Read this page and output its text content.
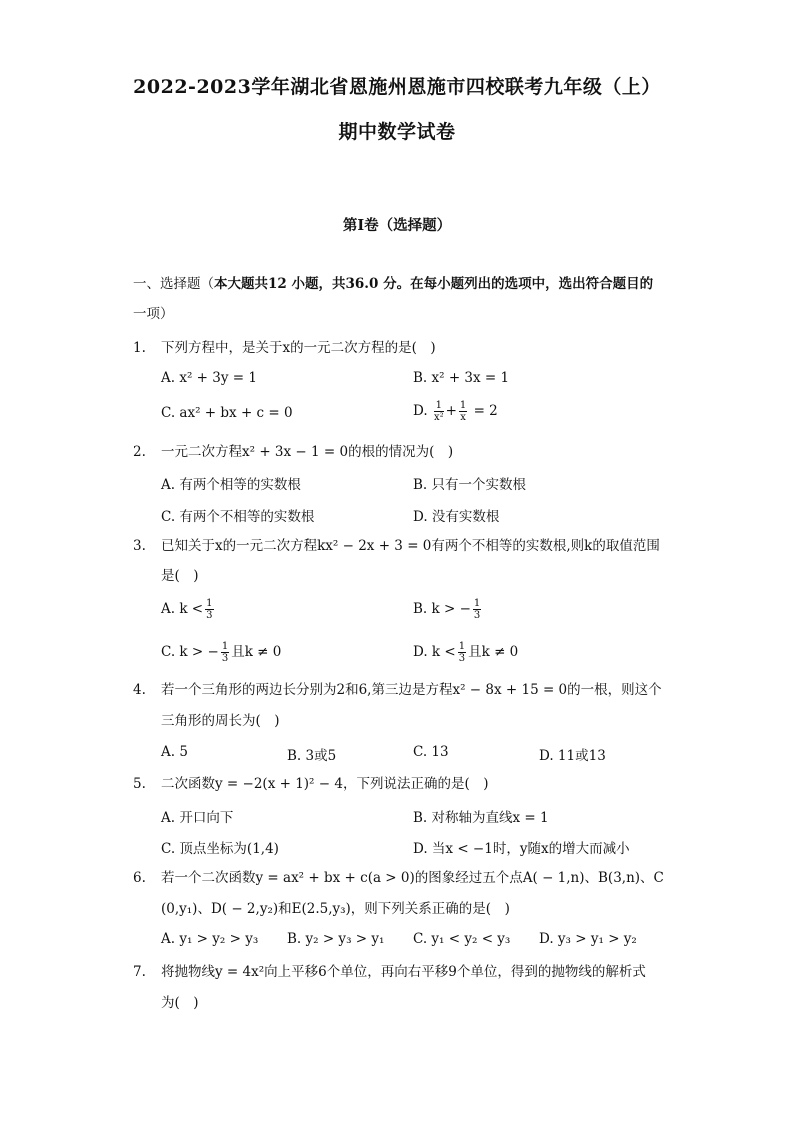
2022-2023学年湖北省恩施州恩施市四校联考九年级（上）
期中数学试卷
第I卷（选择题）
一、选择题（本大题共12 小题，共36.0 分。在每小题列出的选项中，选出符合题目的
一项）
1.	下列方程中，是关于x的一元二次方程的是(　)
A. x² + 3y = 1	B. x² + 3x = 1
C. ax² + bx + c = 0	D. $\frac{1}{\text{x²}} + \frac{1}{x} = 2$
2.	一元二次方程x² + 3x − 1 = 0的根的情况为(　)
A. 有两个相等的实数根	B. 只有一个实数根
C. 有两个不相等的实数根	D. 没有实数根
3.	已知关于x的一元二次方程kx² − 2x + 3 = 0有两个不相等的实数根,则k的取值范围
是(　)
A. $k < \frac{1}{3}$	B. k > − $\frac{1}{3}$
C. k > − $\frac{1}{3}$ 且k ≠ 0	D. $k < \frac{1}{3}$ 且k ≠ 0
4.	若一个三角形的两边长分别为2和6,第三边是方程x² − 8x + 15 = 0的一根，则这个
三角形的周长为(　)
A. 5	B. 3或5	C. 13	D. 11或13
5.	二次函数y = −2(x + 1)² − 4，下列说法正确的是(　)
A. 开口向下	B. 对称轴为直线x = 1
C. 顶点坐标为(1,4)	D. 当x < −1时，y随x的增大而减小
6.	若一个二次函数y = ax² + bx + c(a > 0)的图象经过五个点A( − 1,n)、B(3,n)、C
(0,y₁)、D( − 2,y₂)和E(2.5,y₃)，则下列关系正确的是(　)
A. y₁ > y₂ > y₃ B. y₂ > y₃ > y₁ C. y₁ < y₂ < y₃ D. y₃ > y₁ > y₂
7.	将抛物线y = 4x²向上平移6个单位，再向右平移9个单位，得到的抛物线的解析式
为(　)
